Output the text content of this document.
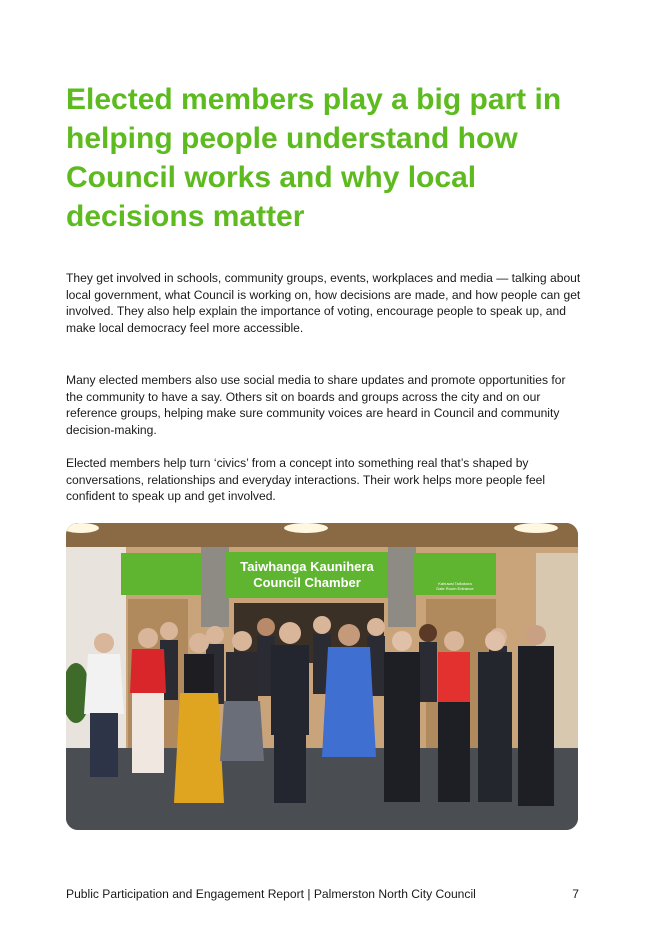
Elected members play a big part in helping people understand how Council works and why local decisions matter

They get involved in schools, community groups, events, workplaces and media — talking about local government, what Council is working on, how decisions are made, and how people can get involved. They also help explain the importance of voting, encourage people to speak up, and make local democracy feel more accessible.

Many elected members also use social media to share updates and promote opportunities for the community to have a say. Others sit on boards and groups across the city and on our reference groups, helping make sure community voices are heard in Council and community decision-making.

Elected members help turn ‘civics’ from a concept into something real that’s shaped by conversations, relationships and everyday interactions. Their work helps more people feel confident to speak up and get involved.

Taiwhanga Kaunihera
Council Chamber	Kahuwai Taikokora
Dale Room Entrance
Public Participation and Engagement Report | Palmerston North City Council	7
